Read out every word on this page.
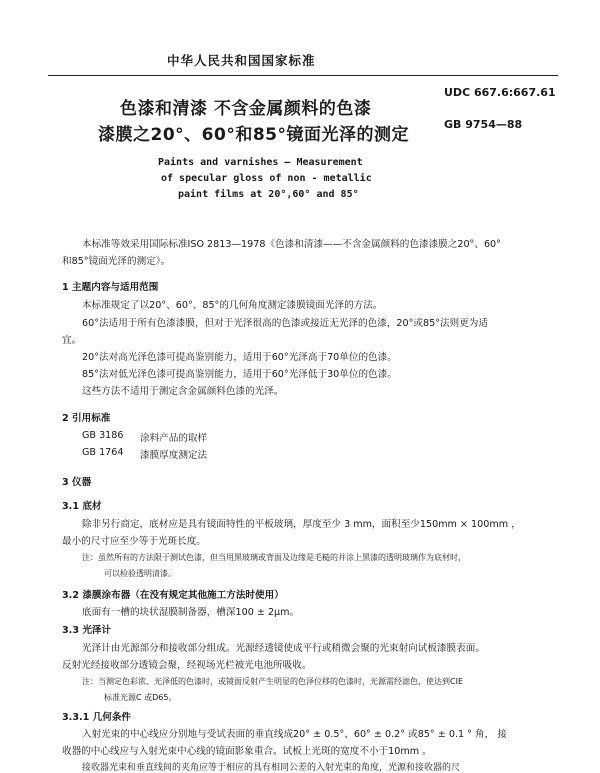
中华人民共和国国家标准
UDC 667.6:667.61
GB 9754—88
色漆和清漆 不含金属颜料的色漆
漆膜之20°、60°和85°镜面光泽的测定
Paints and varnishes — Measurement
of specular gloss of non - metallic
paint films at 20°,60° and 85°
本标准等效采用国际标准ISO 2813—1978《色漆和清漆——不含金属颜料的色漆漆膜之20°、60°
和85°镜面光泽的测定》。
1 主题内容与适用范围
本标准规定了以20°、60°、85°的几何角度测定漆膜镜面光泽的方法。
60°法适用于所有色漆漆膜，但对于光泽很高的色漆或接近无光泽的色漆，20°或85°法则更为适
宜。
20°法对高光泽色漆可提高鉴别能力，适用于60°光泽高于70单位的色漆。
85°法对低光泽色漆可提高鉴别能力，适用于60°光泽低于30单位的色漆。
这些方法不适用于测定含金属颜料色漆的光泽。
2 引用标准
GB 3186 涂料产品的取样
GB 1764 漆膜厚度测定法
3 仪器
3.1 底材
除非另行商定，底材应是具有镜面特性的平板玻璃，厚度至少 3 mm，面积至少150mm × 100mm ，
最小的尺寸应至少等于光斑长度。
注：虽然所有的方法限于测试色漆，但当用黑玻璃或背面及边缘是毛糙的并涂上黑漆的透明玻璃作为底材时，
可以检验透明清漆。
3.2 漆膜涂布器（在没有规定其他施工方法时使用）
底面有一槽的块状湿膜制备器，槽深100 ± 2μm。
3.3 光泽计
光泽计由光源部分和接收部分组成。光源经透镜使成平行或稍微会聚的光束射向试板漆膜表面。
反射光经接收部分透镜会聚，经视场光栏被光电池所吸收。
注：当测定色彩浓、光泽低的色漆时，或镜面反射产生明显的色泽位移的色漆时，光源需经滤色，使达到CIE
标准光源C 或D65。
3.3.1 几何条件
入射光束的中心线应分别地与受试表面的垂直线成20° ± 0.5°、60° ± 0.2° 或85° ± 0.1 ° 角， 接
收器的中心线应与入射光束中心线的镜面影象重合。试板上光斑的宽度不小于10mm 。
接收器光束和垂直线间的夹角应等于相应的具有相同公差的入射光束的角度，光源和接收器的尺
